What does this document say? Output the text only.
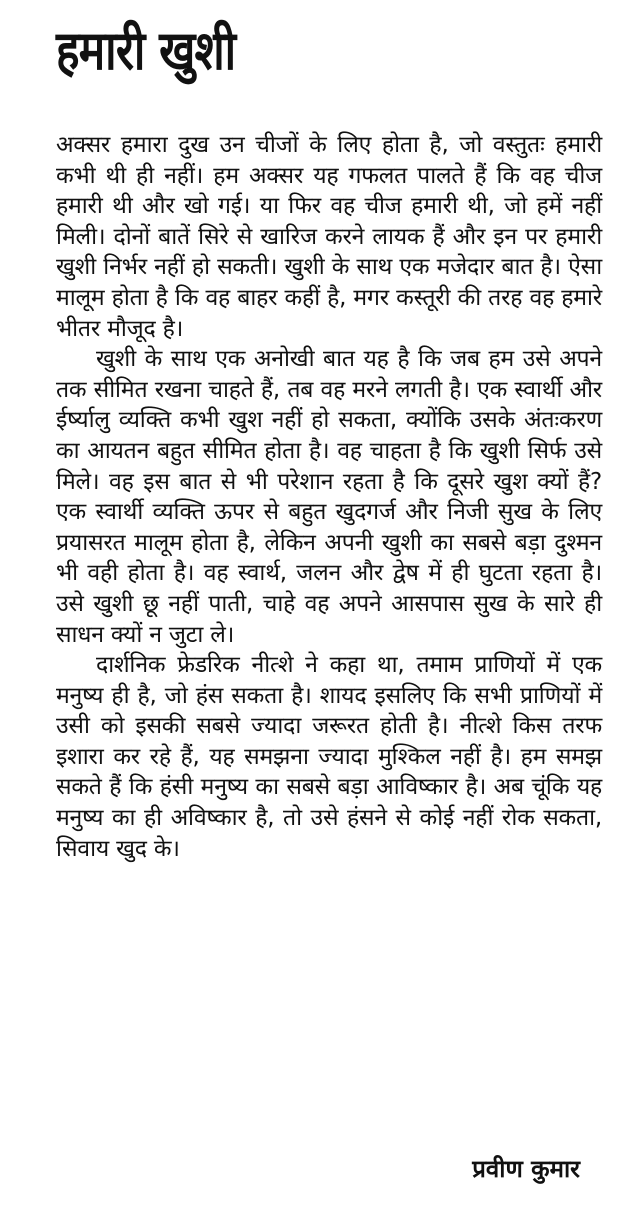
हमारी खुशी

अक्सर हमारा दुख उन चीजों के लिए होता है, जो वस्तुतः हमारी कभी थी ही नहीं। हम अक्सर यह गफलत पालते हैं कि वह चीज हमारी थी और खो गई। या फिर वह चीज हमारी थी, जो हमें नहीं मिली। दोनों बातें सिरे से खारिज करने लायक हैं और इन पर हमारी खुशी निर्भर नहीं हो सकती। खुशी के साथ एक मजेदार बात है। ऐसा मालूम होता है कि वह बाहर कहीं है, मगर कस्तूरी की तरह वह हमारे भीतर मौजूद है।

खुशी के साथ एक अनोखी बात यह है कि जब हम उसे अपने तक सीमित रखना चाहते हैं, तब वह मरने लगती है। एक स्वार्थी और ईर्ष्यालु व्यक्ति कभी खुश नहीं हो सकता, क्योंकि उसके अंतःकरण का आयतन बहुत सीमित होता है। वह चाहता है कि खुशी सिर्फ उसे मिले। वह इस बात से भी परेशान रहता है कि दूसरे खुश क्यों हैं? एक स्वार्थी व्यक्ति ऊपर से बहुत खुदगर्ज और निजी सुख के लिए प्रयासरत मालूम होता है, लेकिन अपनी खुशी का सबसे बड़ा दुश्मन भी वही होता है। वह स्वार्थ, जलन और द्वेष में ही घुटता रहता है। उसे खुशी छू नहीं पाती, चाहे वह अपने आसपास सुख के सारे ही साधन क्यों न जुटा ले।

दार्शनिक फ्रेडरिक नीत्शे ने कहा था, तमाम प्राणियों में एक मनुष्य ही है, जो हंस सकता है। शायद इसलिए कि सभी प्राणियों में उसी को इसकी सबसे ज्यादा जरूरत होती है। नीत्शे किस तरफ इशारा कर रहे हैं, यह समझना ज्यादा मुश्किल नहीं है। हम समझ सकते हैं कि हंसी मनुष्य का सबसे बड़ा आविष्कार है। अब चूंकि यह मनुष्य का ही अविष्कार है, तो उसे हंसने से कोई नहीं रोक सकता, सिवाय खुद के।

प्रवीण कुमार
